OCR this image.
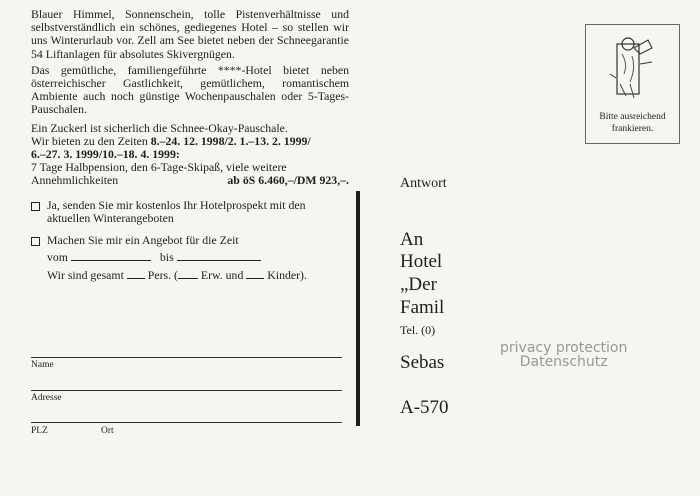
Blauer Himmel, Sonnenschein, tolle Pistenverhältnisse und selbstverständlich ein schönes, gediegenes Hotel – so stellen wir uns Winterurlaub vor. Zell am See bietet neben der Schneegarantie 54 Liftanlagen für absolutes Skivergnügen.

Das gemütliche, familiengeführte ****-Hotel bietet neben österreichischer Gastlichkeit, gemütlichem, romantischem Ambiente auch noch günstige Wochenpauschalen oder 5-Tages-Pauschalen.

Ein Zuckerl ist sicherlich die Schnee-Okay-Pauschale.
Wir bieten zu den Zeiten 8.–24. 12. 1998/2. 1.–13. 2. 1999/
6.–27. 3. 1999/10.–18. 4. 1999:
7 Tage Halbpension, den 6-Tage-Skipaß, viele weitere
Annehmlichkeiten	ab öS 6.460,–/DM 923,–.
Ja, senden Sie mir kostenlos Ihr Hotelprospekt mit den aktuellen Winterangeboten
Machen Sie mir ein Angebot für die Zeit
vom	bis
Wir sind gesamt Pers. ( Erw. und Kinder).
Name
Adresse
PLZ	Ort
Bitte ausreichend
frankieren.
Antwort
An
Hotel
„Der
Famil
Tel. (0)
Sebas
A-570
privacy protection
Datenschutz
